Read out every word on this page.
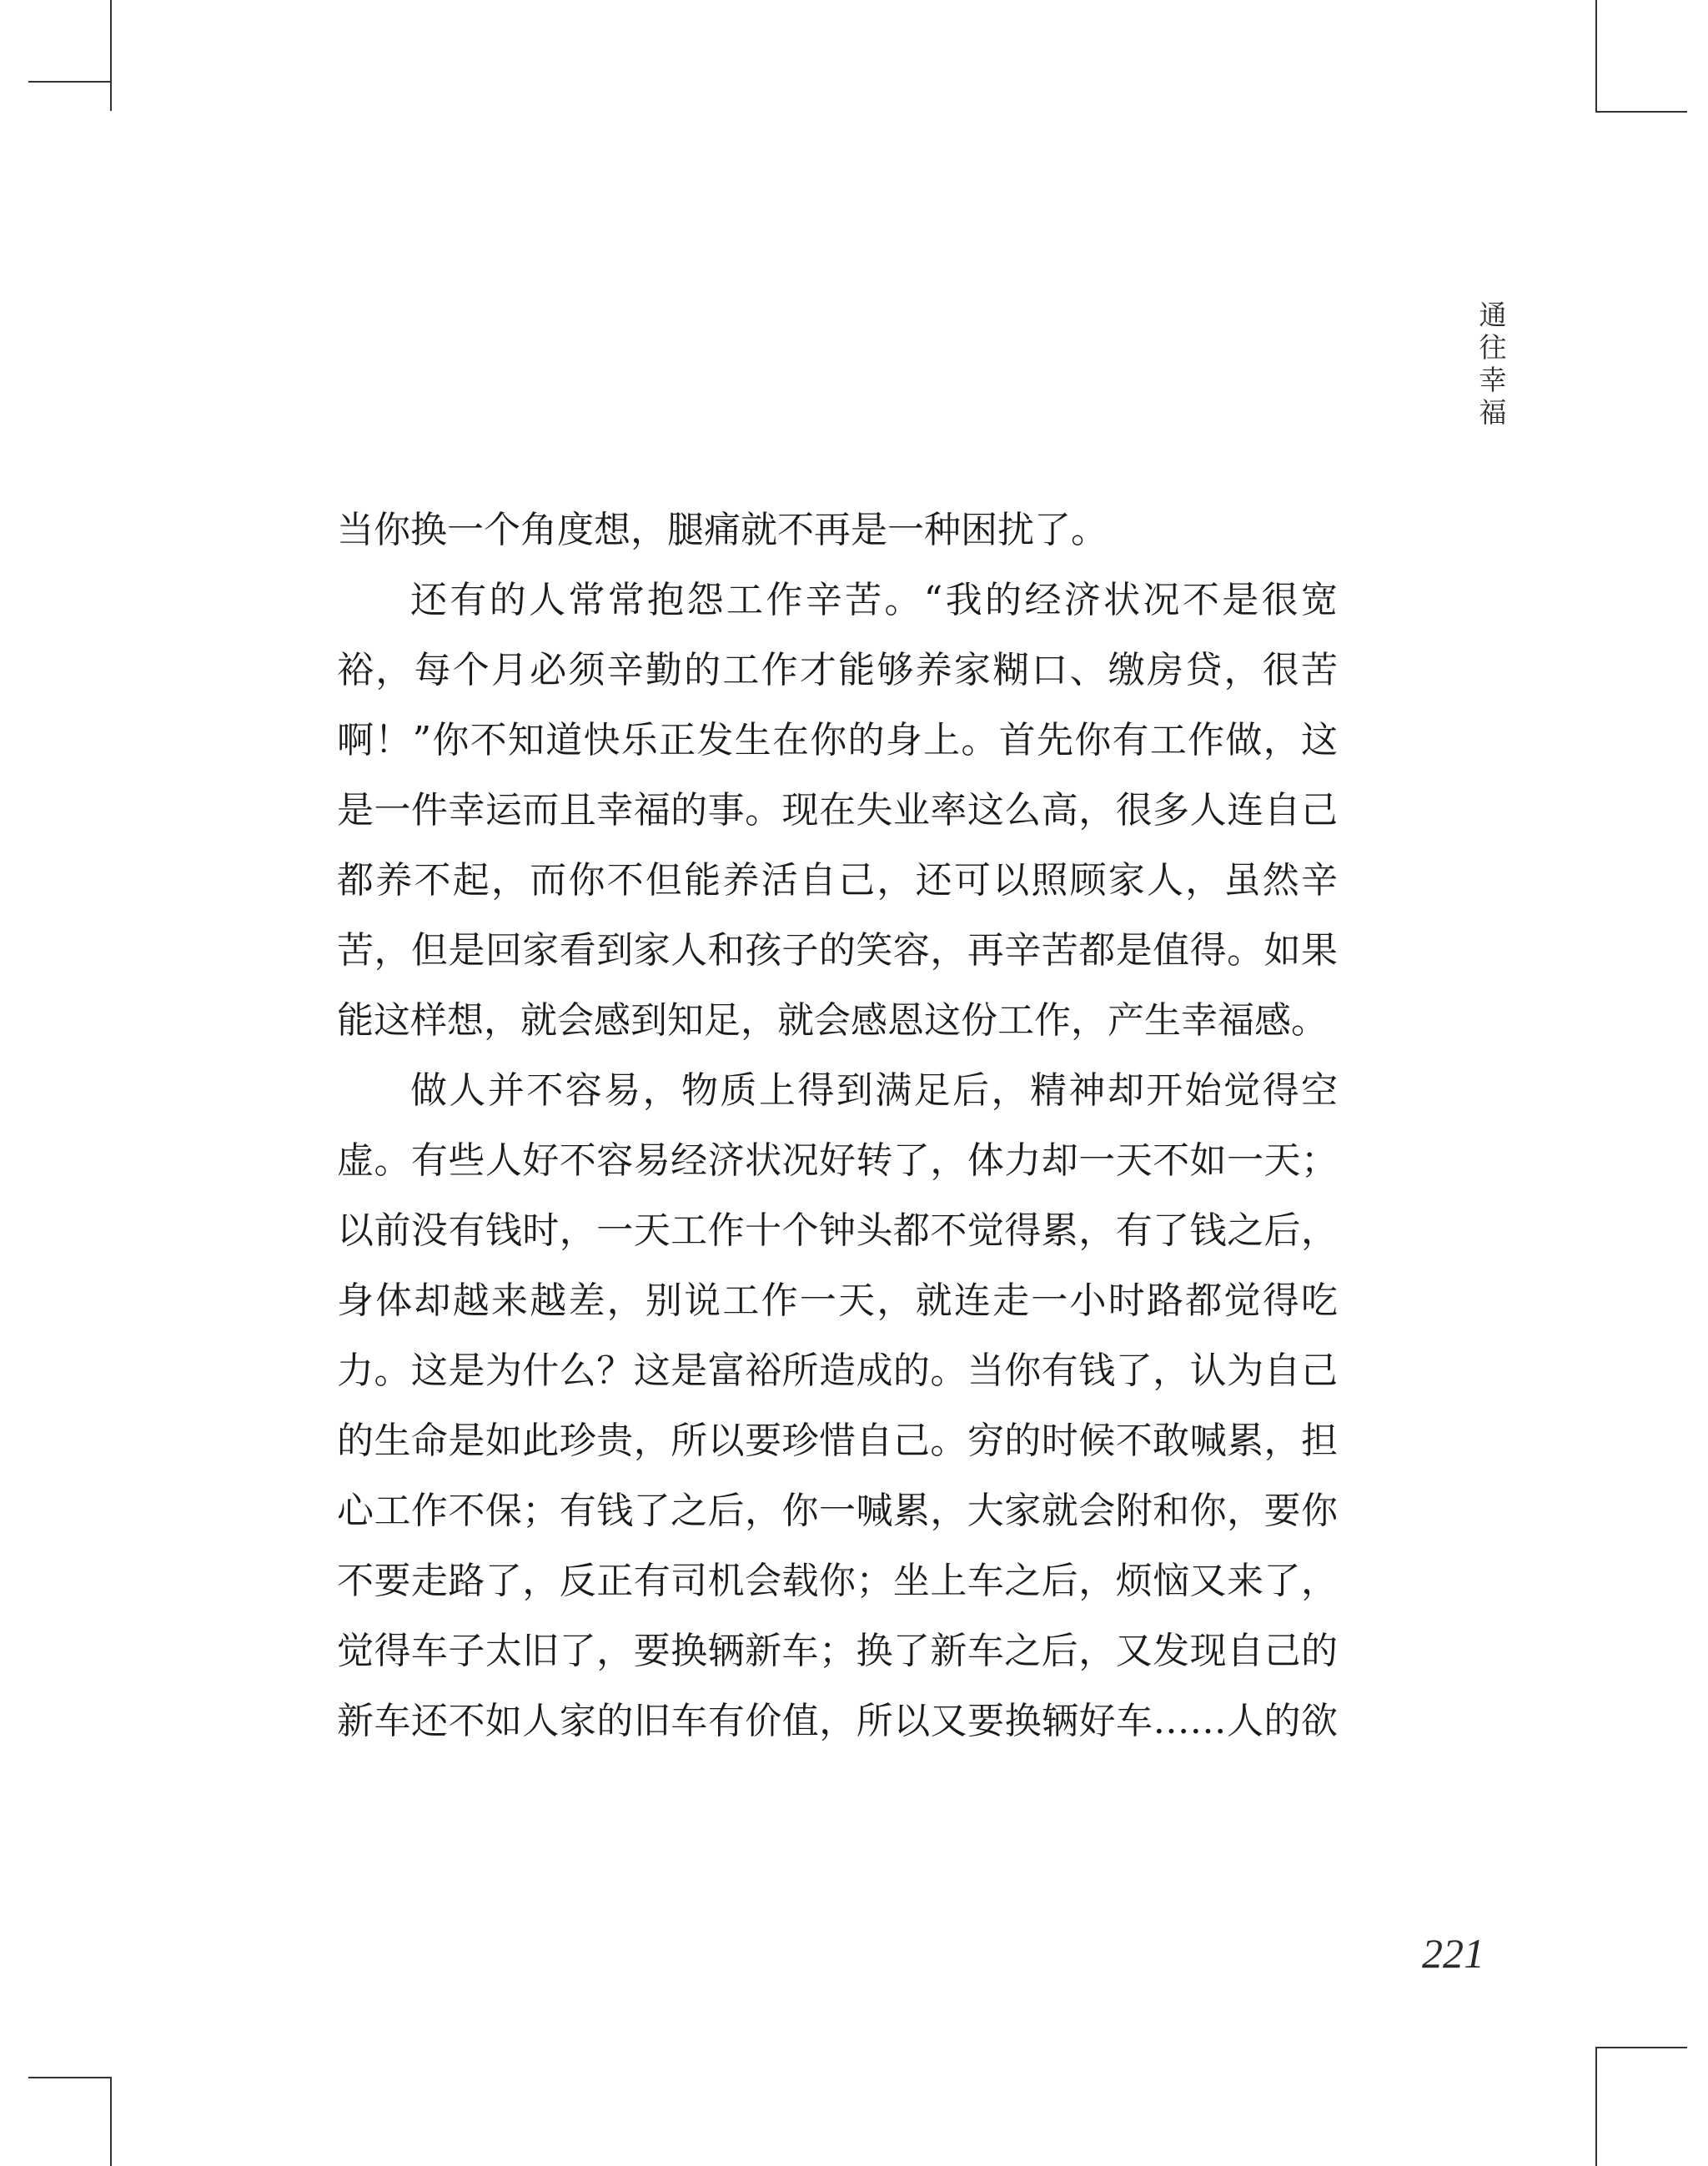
通
往
幸
福
当你换一个角度想，腿痛就不再是一种困扰了。
还有的人常常抱怨工作辛苦。“我的经济状况不是很宽
裕，每个月必须辛勤的工作才能够养家糊口、缴房贷，很苦
啊！”你不知道快乐正发生在你的身上。首先你有工作做，这
是一件幸运而且幸福的事。现在失业率这么高，很多人连自己
都养不起，而你不但能养活自己，还可以照顾家人，虽然辛
苦，但是回家看到家人和孩子的笑容，再辛苦都是值得。如果
能这样想，就会感到知足，就会感恩这份工作，产生幸福感。
做人并不容易，物质上得到满足后，精神却开始觉得空
虚。有些人好不容易经济状况好转了，体力却一天不如一天；
以前没有钱时，一天工作十个钟头都不觉得累，有了钱之后，
身体却越来越差，别说工作一天，就连走一小时路都觉得吃
力。这是为什么？这是富裕所造成的。当你有钱了，认为自己
的生命是如此珍贵，所以要珍惜自己。穷的时候不敢喊累，担
心工作不保；有钱了之后，你一喊累，大家就会附和你，要你
不要走路了，反正有司机会载你；坐上车之后，烦恼又来了，
觉得车子太旧了，要换辆新车；换了新车之后，又发现自己的
新车还不如人家的旧车有价值，所以又要换辆好车……人的欲
221
